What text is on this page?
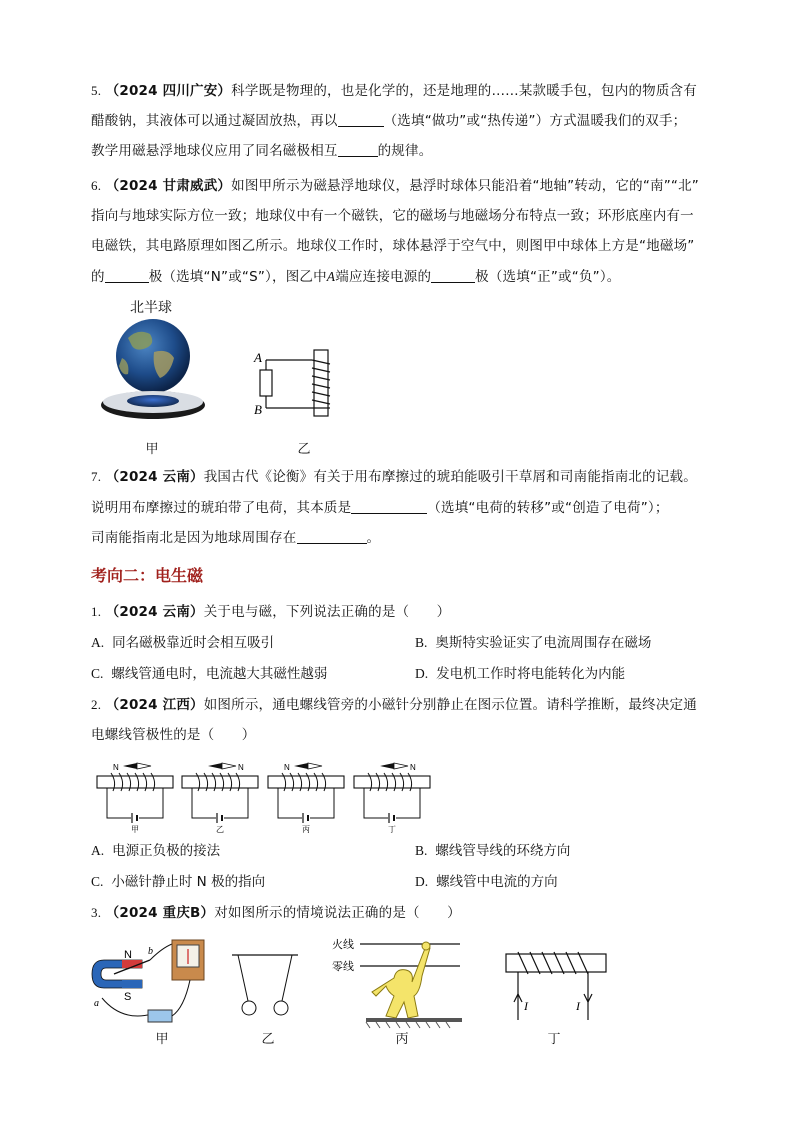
5. （2024 四川广安）科学既是物理的，也是化学的，还是地理的……某款暖手包，包内的物质含有
醋酸钠，其液体可以通过凝固放热，再以	（选填“做功”或“热传递”）方式温暖我们的双手；
教学用磁悬浮地球仪应用了同名磁极相互	的规律。
6. （2024 甘肃威武）如图甲所示为磁悬浮地球仪，悬浮时球体只能沿着“地轴”转动，它的“南”“北”
指向与地球实际方位一致；地球仪中有一个磁铁，它的磁场与地磁场分布特点一致；环形底座内有一
电磁铁，其电路原理如图乙所示。地球仪工作时，球体悬浮于空气中，则图甲中球体上方是“地磁场”
的	极（选填“N”或“S”），图乙中A端应连接电源的	极（选填“正”或“负”）。
北半球
甲
A
B
乙
7. （2024 云南）我国古代《论衡》有关于用布摩擦过的琥珀能吸引干草屑和司南能指南北的记载。
说明用布摩擦过的琥珀带了电荷，其本质是	（选填“电荷的转移”或“创造了电荷”）；
司南能指南北是因为地球周围存在	。
考向二：电生磁
1. （2024 云南）关于电与磁，下列说法正确的是（　　）
A. 同名磁极靠近时会相互吸引	B. 奥斯特实验证实了电流周围存在磁场
C. 螺线管通电时，电流越大其磁性越弱	D. 发电机工作时将电能转化为内能
2. （2024 江西）如图所示，通电螺线管旁的小磁针分别静止在图示位置。请科学推断，最终决定通
电螺线管极性的是（　　）
N
甲
N
乙
N
丙
N
丁
A. 电源正负极的接法	B. 螺线管导线的环绕方向
C. 小磁针静止时 N 极的指向	D. 螺线管中电流的方向
3. （2024 重庆B）对如图所示的情境说法正确的是（　　）
N
S
b
a
甲	乙
火线
零线
丙
I	I
丁
